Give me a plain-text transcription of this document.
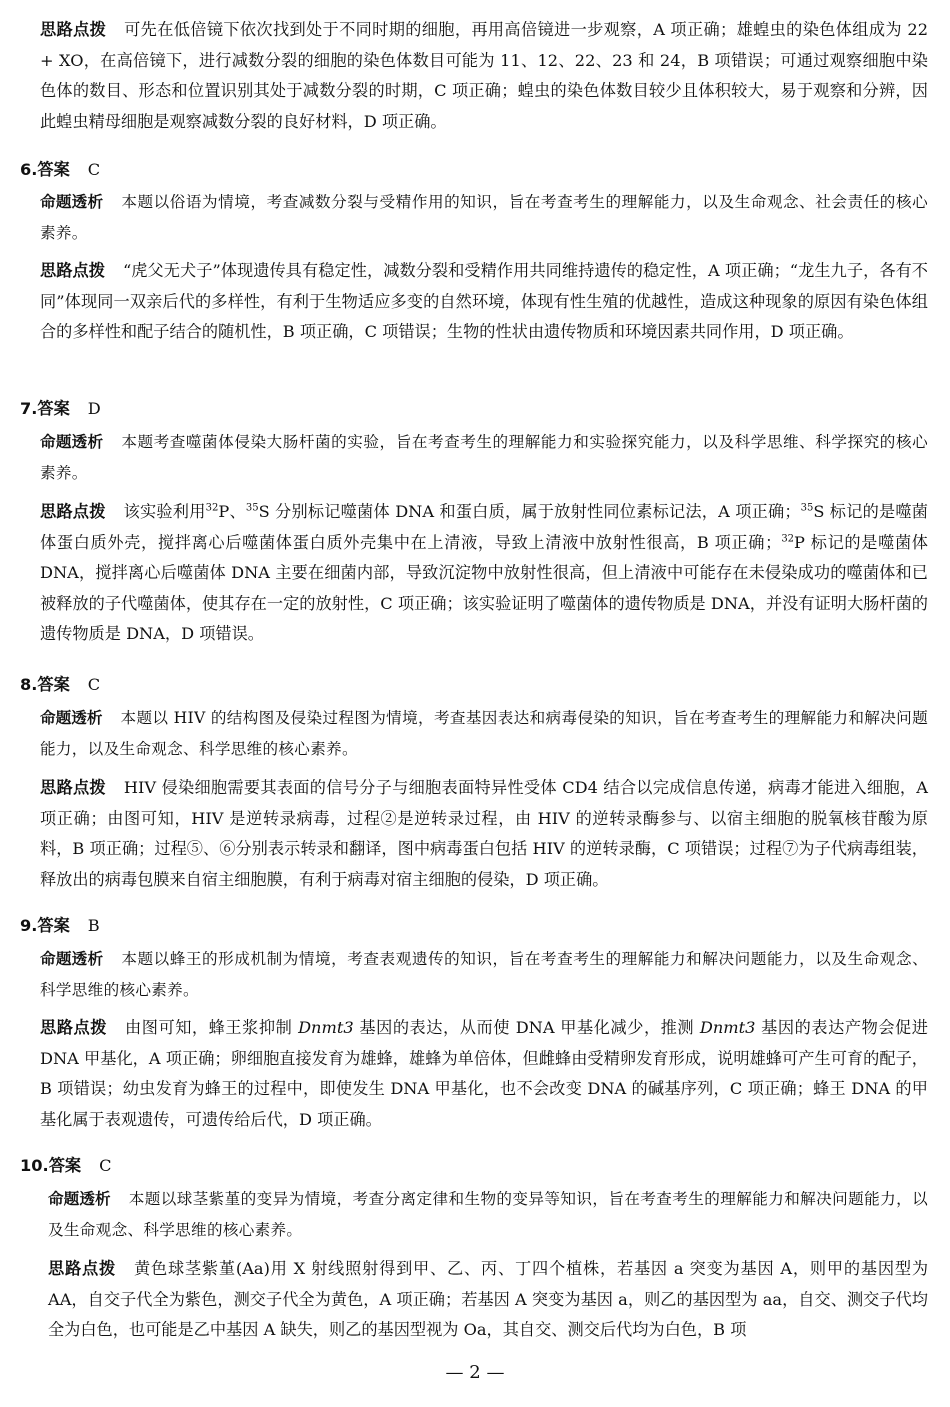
思路点拨 可先在低倍镜下依次找到处于不同时期的细胞，再用高倍镜进一步观察，A 项正确；雄蝗虫的染色体组成为 22 + XO，在高倍镜下，进行减数分裂的细胞的染色体数目可能为 11、12、22、23 和 24，B 项错误；可通过观察细胞中染色体的数目、形态和位置识别其处于减数分裂的时期，C 项正确；蝗虫的染色体数目较少且体积较大，易于观察和分辨，因此蝗虫精母细胞是观察减数分裂的良好材料，D 项正确。
6.答案 C
命题透析 本题以俗语为情境，考查减数分裂与受精作用的知识，旨在考查考生的理解能力，以及生命观念、社会责任的核心素养。
思路点拨 “虎父无犬子”体现遗传具有稳定性，减数分裂和受精作用共同维持遗传的稳定性，A 项正确；“龙生九子，各有不同”体现同一双亲后代的多样性，有利于生物适应多变的自然环境，体现有性生殖的优越性，造成这种现象的原因有染色体组合的多样性和配子结合的随机性，B 项正确，C 项错误；生物的性状由遗传物质和环境因素共同作用，D 项正确。
7.答案 D
命题透析 本题考查噬菌体侵染大肠杆菌的实验，旨在考查考生的理解能力和实验探究能力，以及科学思维、科学探究的核心素养。
思路点拨 该实验利用$^{32}$P、$^{35}$S 分别标记噬菌体 DNA 和蛋白质，属于放射性同位素标记法，A 项正确；$^{35}$S 标记的是噬菌体蛋白质外壳，搅拌离心后噬菌体蛋白质外壳集中在上清液，导致上清液中放射性很高，B 项正确；$^{32}$P 标记的是噬菌体 DNA，搅拌离心后噬菌体 DNA 主要在细菌内部，导致沉淀物中放射性很高，但上清液中可能存在未侵染成功的噬菌体和已被释放的子代噬菌体，使其存在一定的放射性，C 项正确；该实验证明了噬菌体的遗传物质是 DNA，并没有证明大肠杆菌的遗传物质是 DNA，D 项错误。
8.答案 C
命题透析 本题以 HIV 的结构图及侵染过程图为情境，考查基因表达和病毒侵染的知识，旨在考查考生的理解能力和解决问题能力，以及生命观念、科学思维的核心素养。
思路点拨 HIV 侵染细胞需要其表面的信号分子与细胞表面特异性受体 CD4 结合以完成信息传递，病毒才能进入细胞，A 项正确；由图可知，HIV 是逆转录病毒，过程②是逆转录过程，由 HIV 的逆转录酶参与、以宿主细胞的脱氧核苷酸为原料，B 项正确；过程⑤、⑥分别表示转录和翻译，图中病毒蛋白包括 HIV 的逆转录酶，C 项错误；过程⑦为子代病毒组装，释放出的病毒包膜来自宿主细胞膜，有利于病毒对宿主细胞的侵染，D 项正确。
9.答案 B
命题透析 本题以蜂王的形成机制为情境，考查表观遗传的知识，旨在考查考生的理解能力和解决问题能力，以及生命观念、科学思维的核心素养。
思路点拨 由图可知，蜂王浆抑制 Dnmt3 基因的表达，从而使 DNA 甲基化减少，推测 Dnmt3 基因的表达产物会促进 DNA 甲基化，A 项正确；卵细胞直接发育为雄蜂，雄蜂为单倍体，但雌蜂由受精卵发育形成，说明雄蜂可产生可育的配子，B 项错误；幼虫发育为蜂王的过程中，即使发生 DNA 甲基化，也不会改变 DNA 的碱基序列，C 项正确；蜂王 DNA 的甲基化属于表观遗传，可遗传给后代，D 项正确。
10.答案 C
命题透析 本题以球茎紫堇的变异为情境，考查分离定律和生物的变异等知识，旨在考查考生的理解能力和解决问题能力，以及生命观念、科学思维的核心素养。
思路点拨 黄色球茎紫堇(Aa)用 X 射线照射得到甲、乙、丙、丁四个植株，若基因 a 突变为基因 A，则甲的基因型为 AA，自交子代全为紫色，测交子代全为黄色，A 项正确；若基因 A 突变为基因 a，则乙的基因型为 aa，自交、测交子代均全为白色，也可能是乙中基因 A 缺失，则乙的基因型视为 Oa，其自交、测交后代均为白色，B 项
— 2 —
